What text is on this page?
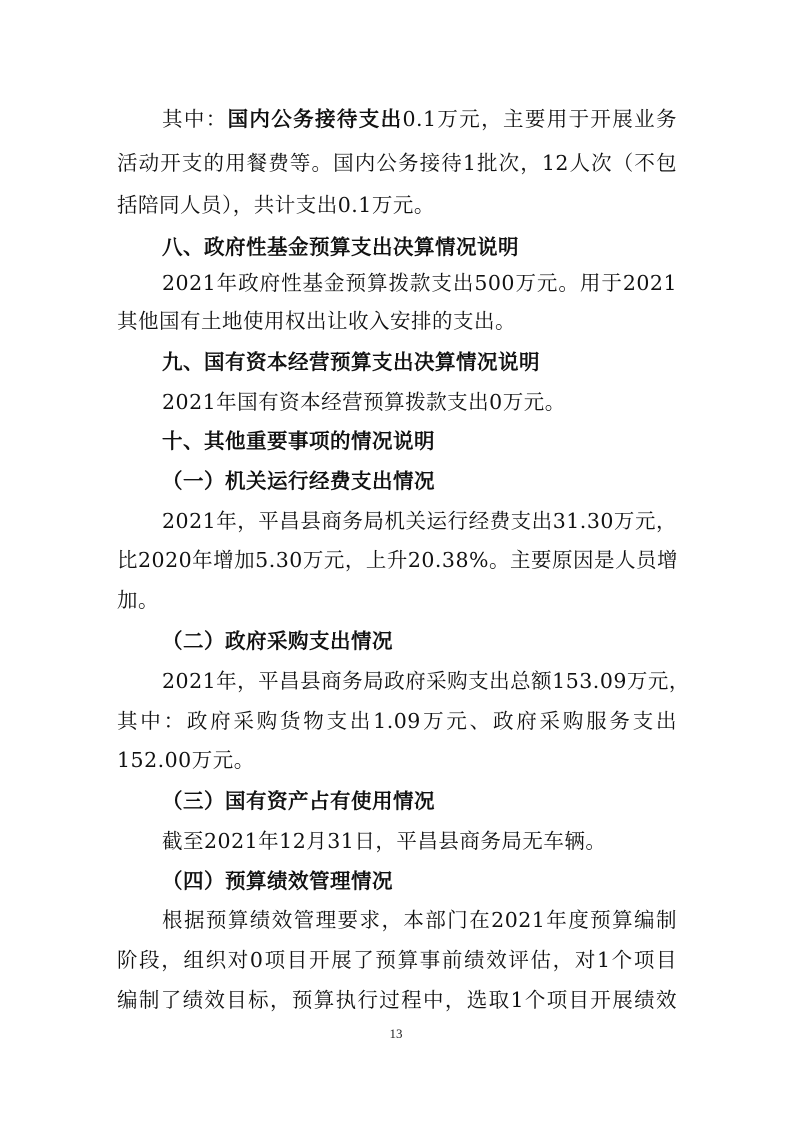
其中：国内公务接待支出0.1万元，主要用于开展业务
活动开支的用餐费等。国内公务接待1批次，12人次（不包
括陪同人员），共计支出0.1万元。
八、政府性基金预算支出决算情况说明
2021年政府性基金预算拨款支出500万元。用于2021
其他国有土地使用权出让收入安排的支出。
九、国有资本经营预算支出决算情况说明
2021年国有资本经营预算拨款支出0万元。
十、其他重要事项的情况说明
（一）机关运行经费支出情况
2021年，平昌县商务局机关运行经费支出31.30万元，
比2020年增加5.30万元，上升20.38%。主要原因是人员增
加。
（二）政府采购支出情况
2021年，平昌县商务局政府采购支出总额153.09万元，
其中：政府采购货物支出1.09万元、政府采购服务支出
152.00万元。
（三）国有资产占有使用情况
截至2021年12月31日，平昌县商务局无车辆。
（四）预算绩效管理情况
根据预算绩效管理要求，本部门在2021年度预算编制
阶段，组织对0项目开展了预算事前绩效评估，对1个项目
编制了绩效目标，预算执行过程中，选取1个项目开展绩效
13
